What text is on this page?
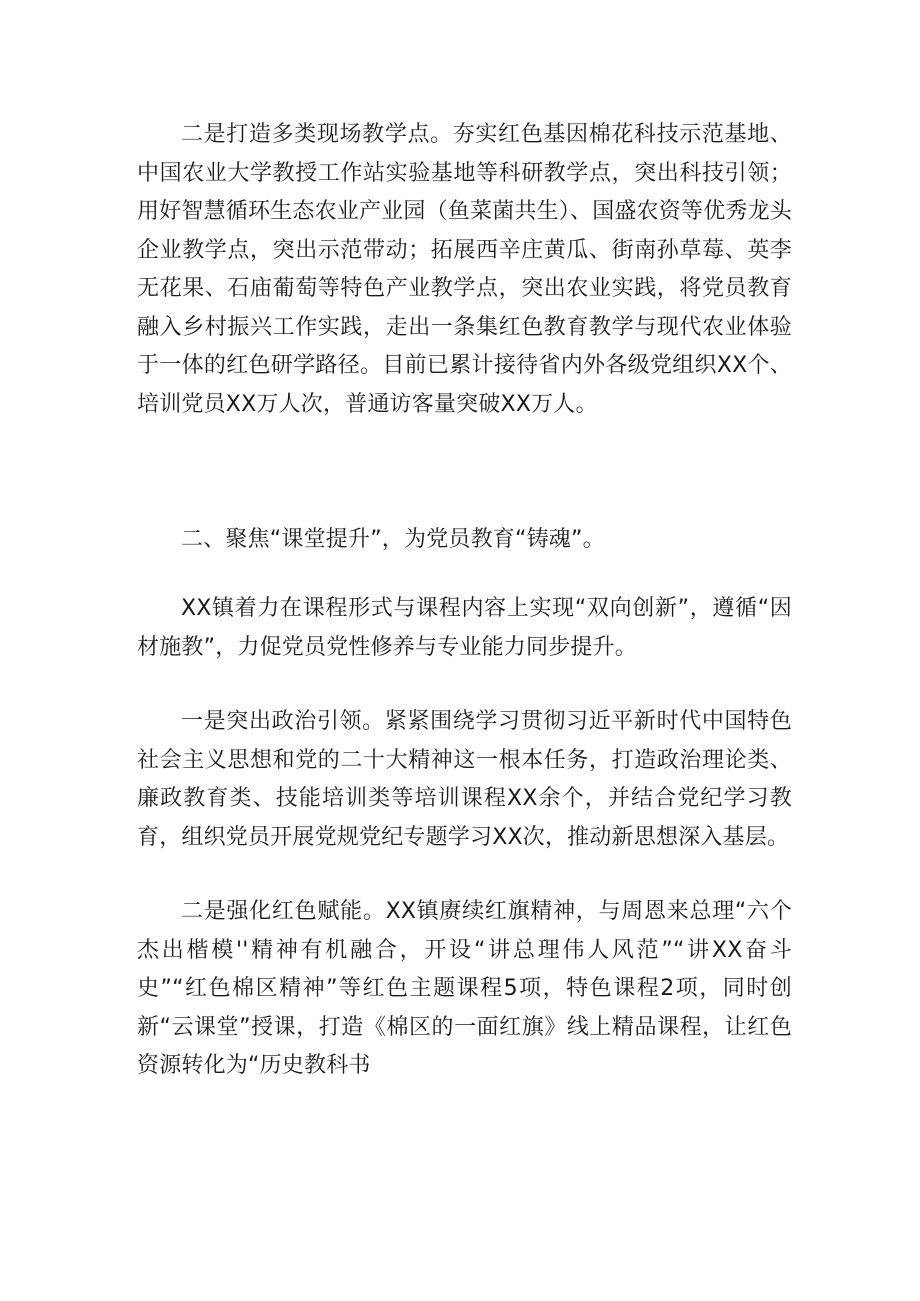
二是打造多类现场教学点。夯实红色基因棉花科技示范基地、中国农业大学教授工作站实验基地等科研教学点，突出科技引领；用好智慧循环生态农业产业园（鱼菜菌共生）、国盛农资等优秀龙头企业教学点，突出示范带动；拓展西辛庄黄瓜、街南孙草莓、英李无花果、石庙葡萄等特色产业教学点，突出农业实践，将党员教育融入乡村振兴工作实践，走出一条集红色教育教学与现代农业体验于一体的红色研学路径。目前已累计接待省内外各级党组织XX个、培训党员XX万人次，普通访客量突破XX万人。

二、聚焦“课堂提升”，为党员教育“铸魂”。

XX镇着力在课程形式与课程内容上实现“双向创新”，遵循“因材施教”，力促党员党性修养与专业能力同步提升。

一是突出政治引领。紧紧围绕学习贯彻习近平新时代中国特色社会主义思想和党的二十大精神这一根本任务，打造政治理论类、廉政教育类、技能培训类等培训课程XX余个，并结合党纪学习教育，组织党员开展党规党纪专题学习XX次，推动新思想深入基层。

二是强化红色赋能。XX镇赓续红旗精神，与周恩来总理“六个杰出楷模''精神有机融合，开设“讲总理伟人风范”“讲XX奋斗史”“红色棉区精神”等红色主题课程5项，特色课程2项，同时创新“云课堂”授课，打造《棉区的一面红旗》线上精品课程，让红色资源转化为“历史教科书
